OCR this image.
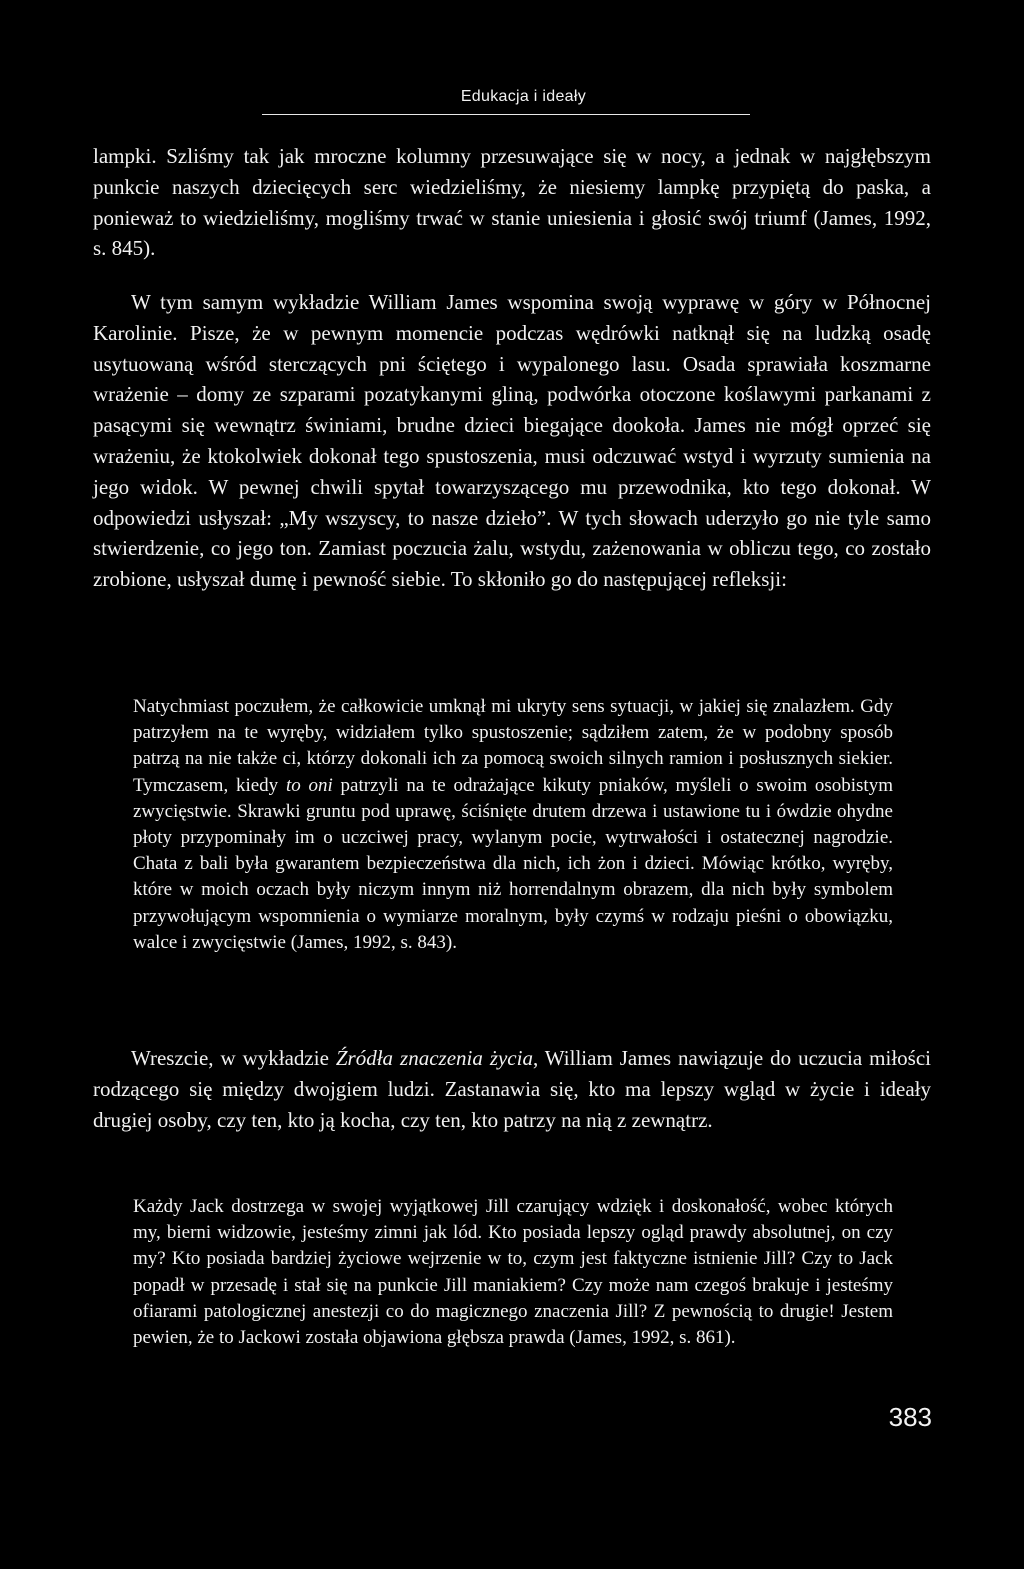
Edukacja i ideały

lampki. Szliśmy tak jak mroczne kolumny przesuwające się w nocy, a jednak w najgłębszym punkcie naszych dziecięcych serc wiedzieliśmy, że niesiemy lampkę przypiętą do paska, a ponieważ to wiedzieliśmy, mogliśmy trwać w stanie uniesienia i głosić swój triumf (James, 1992, s. 845).

W tym samym wykładzie William James wspomina swoją wyprawę w góry w Północnej Karolinie. Pisze, że w pewnym momencie podczas wędrówki natknął się na ludzką osadę usytuowaną wśród sterczących pni ściętego i wypalonego lasu. Osada sprawiała koszmarne wrażenie – domy ze szparami pozatykanymi gliną, podwórka otoczone koślawymi parkanami z pasącymi się wewnątrz świniami, brudne dzieci biegające dookoła. James nie mógł oprzeć się wrażeniu, że ktokolwiek dokonał tego spustoszenia, musi odczuwać wstyd i wyrzuty sumienia na jego widok. W pewnej chwili spytał towarzyszącego mu przewodnika, kto tego dokonał. W odpowiedzi usłyszał: „My wszyscy, to nasze dzieło”. W tych słowach uderzyło go nie tyle samo stwierdzenie, co jego ton. Zamiast poczucia żalu, wstydu, zażenowania w obliczu tego, co zostało zrobione, usłyszał dumę i pewność siebie. To skłoniło go do następującej refleksji:

Natychmiast poczułem, że całkowicie umknął mi ukryty sens sytuacji, w jakiej się znalazłem. Gdy patrzyłem na te wyręby, widziałem tylko spustoszenie; sądziłem zatem, że w podobny sposób patrzą na nie także ci, którzy dokonali ich za pomocą swoich silnych ramion i posłusznych siekier. Tymczasem, kiedy to oni patrzyli na te odrażające kikuty pniaków, myśleli o swoim osobistym zwycięstwie. Skrawki gruntu pod uprawę, ściśnięte drutem drzewa i ustawione tu i ówdzie ohydne płoty przypominały im o uczciwej pracy, wylanym pocie, wytrwałości i ostatecznej nagrodzie. Chata z bali była gwarantem bezpieczeństwa dla nich, ich żon i dzieci. Mówiąc krótko, wyręby, które w moich oczach były niczym innym niż horrendalnym obrazem, dla nich były symbolem przywołującym wspomnienia o wymiarze moralnym, były czymś w rodzaju pieśni o obowiązku, walce i zwycięstwie (James, 1992, s. 843).

Wreszcie, w wykładzie Źródła znaczenia życia, William James nawiązuje do uczucia miłości rodzącego się między dwojgiem ludzi. Zastanawia się, kto ma lepszy wgląd w życie i ideały drugiej osoby, czy ten, kto ją kocha, czy ten, kto patrzy na nią z zewnątrz.

Każdy Jack dostrzega w swojej wyjątkowej Jill czarujący wdzięk i doskonałość, wobec których my, bierni widzowie, jesteśmy zimni jak lód. Kto posiada lepszy ogląd prawdy absolutnej, on czy my? Kto posiada bardziej życiowe wejrzenie w to, czym jest faktyczne istnienie Jill? Czy to Jack popadł w przesadę i stał się na punkcie Jill maniakiem? Czy może nam czegoś brakuje i jesteśmy ofiarami patologicznej anestezji co do magicznego znaczenia Jill? Z pewnością to drugie! Jestem pewien, że to Jackowi została objawiona głębsza prawda (James, 1992, s. 861).

383
